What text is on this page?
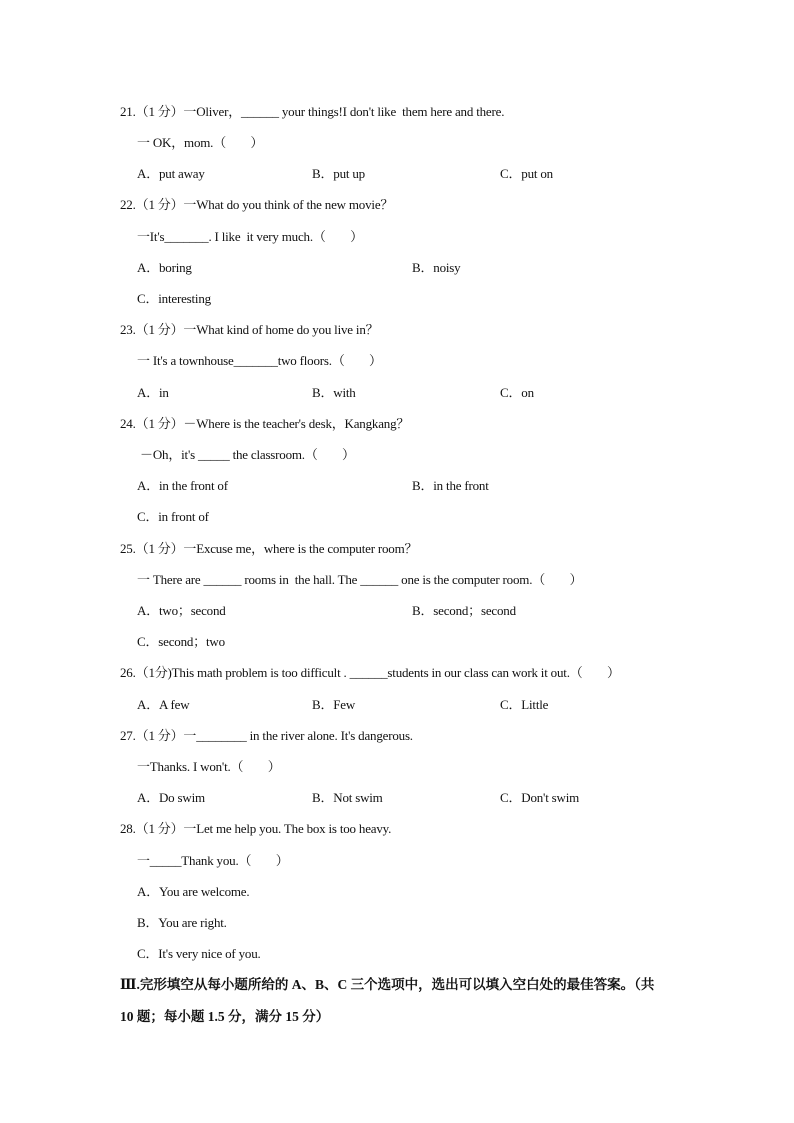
21.（1 分）一Oliver，______ your things!I don't like  them here and there.
一 OK，mom.（        ）
A．put away	B．put up	C．put on
22.（1 分）一What do you think of the new movie？
一It's_______. I like  it very much.（        ）
A．boring	B．noisy
C．interesting
23.（1 分）一What kind of home do you live in？
一 It's a townhouse_______two floors.（        ）
A．in	B．with	C．on
24.（1 分）－Where is the teacher's desk，Kangkang？
－Oh，it's _____ the classroom.（        ）
A．in the front of	B．in the front
C．in front of
25.（1 分）一Excuse me，where is the computer room？
一 There are ______ rooms in  the hall. The ______ one is the computer room.（        ）
A．two；second	B．second；second
C．second；two
26.（1分)This math problem is too difficult . ______students in our class can work it out.（        ）
A．A few	B．Few	C．Little
27.（1 分）一________ in the river alone. It's dangerous.
一Thanks. I won't.（        ）
A．Do swim	B．Not swim	C．Don't swim
28.（1 分）一Let me help you. The box is too heavy.
一_____Thank you.（        ）
A．You are welcome.
B．You are right.
C．It's very nice of you.
Ⅲ.完形填空从每小题所给的 A、B、C 三个选项中，选出可以填入空白处的最佳答案。（共
10 题；每小题 1.5 分，满分 15 分）
